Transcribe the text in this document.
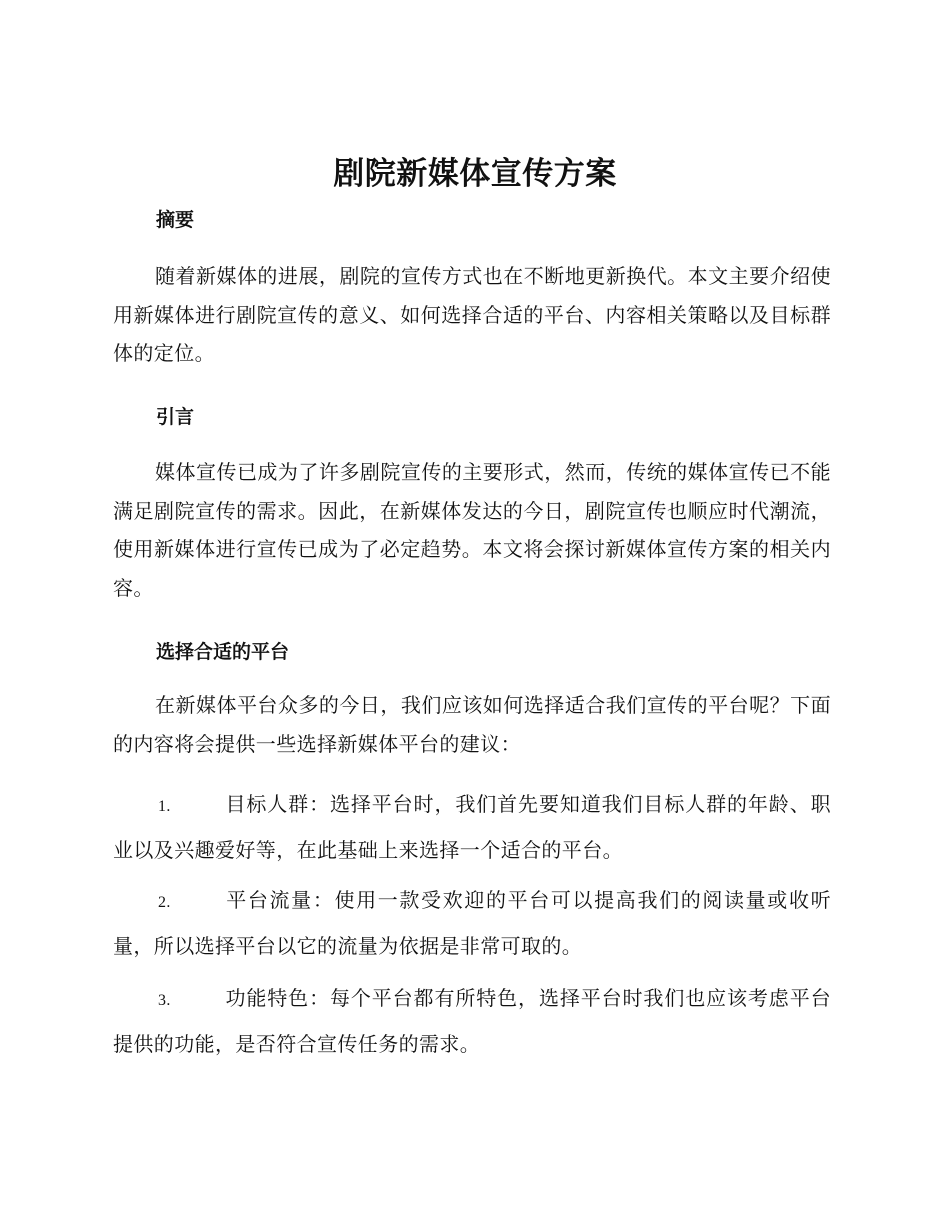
剧院新媒体宣传方案
摘要

随着新媒体的进展，剧院的宣传方式也在不断地更新换代。本文主要介绍使用新媒体进行剧院宣传的意义、如何选择合适的平台、内容相关策略以及目标群体的定位。

引言

媒体宣传已成为了许多剧院宣传的主要形式，然而，传统的媒体宣传已不能满足剧院宣传的需求。因此，在新媒体发达的今日，剧院宣传也顺应时代潮流，使用新媒体进行宣传已成为了必定趋势。本文将会探讨新媒体宣传方案的相关内容。

选择合适的平台

在新媒体平台众多的今日，我们应该如何选择适合我们宣传的平台呢？下面的内容将会提供一些选择新媒体平台的建议：

1.	目标人群：选择平台时，我们首先要知道我们目标人群的年龄、职业以及兴趣爱好等，在此基础上来选择一个适合的平台。

2.	平台流量：使用一款受欢迎的平台可以提高我们的阅读量或收听量，所以选择平台以它的流量为依据是非常可取的。

3.	功能特色：每个平台都有所特色，选择平台时我们也应该考虑平台提供的功能，是否符合宣传任务的需求。
